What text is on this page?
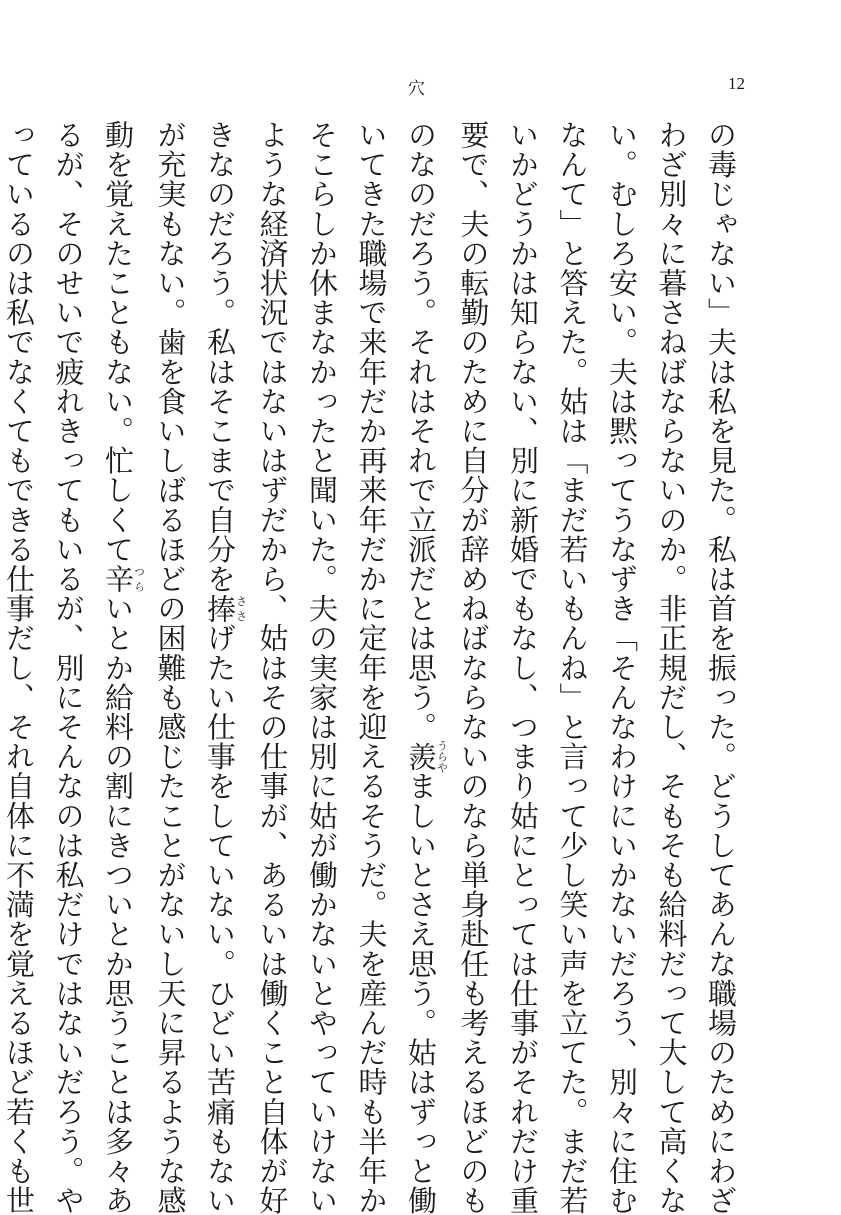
穴	12
の毒じゃない」夫は私を見た。私は首を振った。どうしてあんな職場のためにわざ
わざ別々に暮さねばならないのか。非正規だし、そもそも給料だって大して高くな
い。むしろ安い。夫は黙ってうなずき「そんなわけにいかないだろう、別々に住む
なんて」と答えた。姑は「まだ若いもんね」と言って少し笑い声を立てた。まだ若
いかどうかは知らない、別に新婚でもなし、つまり姑にとっては仕事がそれだけ重
要で、夫の転勤のために自分が辞めねばならないのなら単身赴任も考えるほどのも
のなのだろう。それはそれで立派だとは思う。羨うらやましいとさえ思う。姑はずっと働
いてきた職場で来年だか再来年だかに定年を迎えるそうだ。夫を産んだ時も半年か
そこらしか休まなかったと聞いた。夫の実家は別に姑が働かないとやっていけない
ような経済状況ではないはずだから、姑はその仕事が、あるいは働くこと自体が好
きなのだろう。私はそこまで自分を捧ささげたい仕事をしていない。ひどい苦痛もない
が充実もない。歯を食いしばるほどの困難も感じたことがないし天に昇るような感
動を覚えたこともない。忙しくて辛つらいとか給料の割にきついとか思うことは多々あ
るが、そのせいで疲れきってもいるが、別にそんなのは私だけではないだろう。や
っているのは私でなくてもできる仕事だし、それ自体に不満を覚えるほど若くも世
